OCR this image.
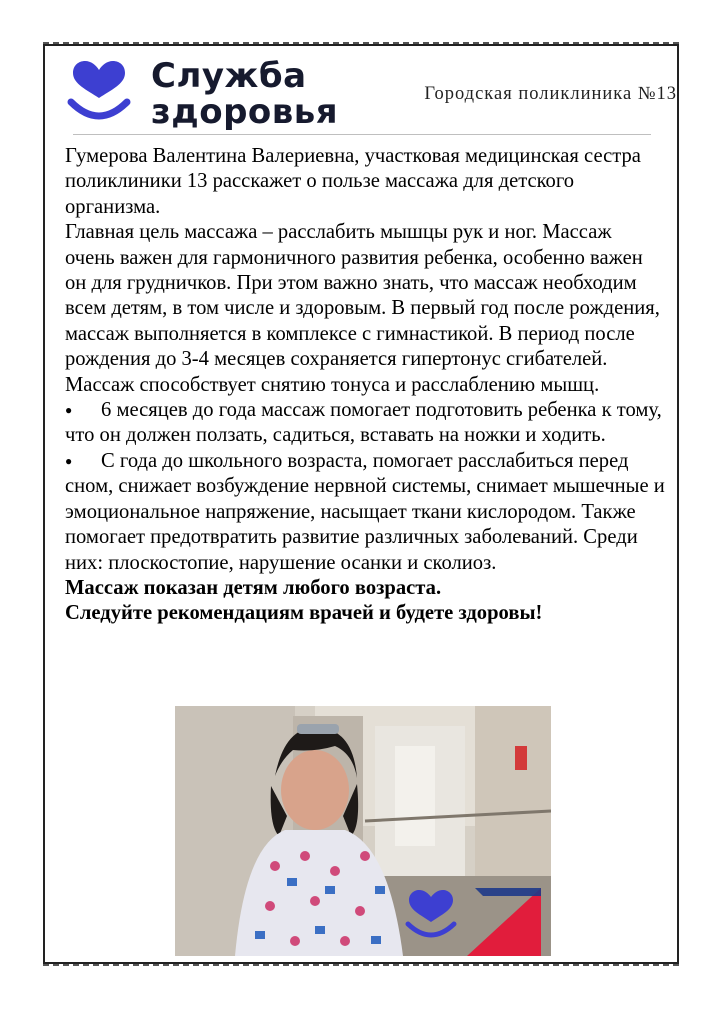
Служба
здоровья	Городская поликлиника №13

Гумерова Валентина Валериевна, участковая медицинская сестра поликлиники 13 расскажет о пользе массажа для детского организма.

Главная цель массажа – расслабить мышцы рук и ног. Массаж очень важен для гармоничного развития ребенка, особенно важен он для грудничков. При этом важно знать, что массаж необходим всем детям, в том числе и здоровым. В первый год после рождения, массаж выполняется в комплексе с гимнастикой. В период после рождения до 3-4 месяцев сохраняется гипертонус сгибателей. Массаж способствует снятию тонуса и расслаблению мышц.

●	6 месяцев до года массаж помогает подготовить ребенка к тому, что он должен ползать, садиться, вставать на ножки и ходить.

●	С года до школьного возраста, помогает расслабиться перед сном, снижает возбуждение нервной системы, снимает мышечные и эмоциональное напряжение, насыщает ткани кислородом. Также помогает предотвратить развитие различных заболеваний. Среди них: плоскостопие, нарушение осанки и сколиоз.

Массаж показан детям любого возраста.

Следуйте рекомендациям врачей и будете здоровы!
